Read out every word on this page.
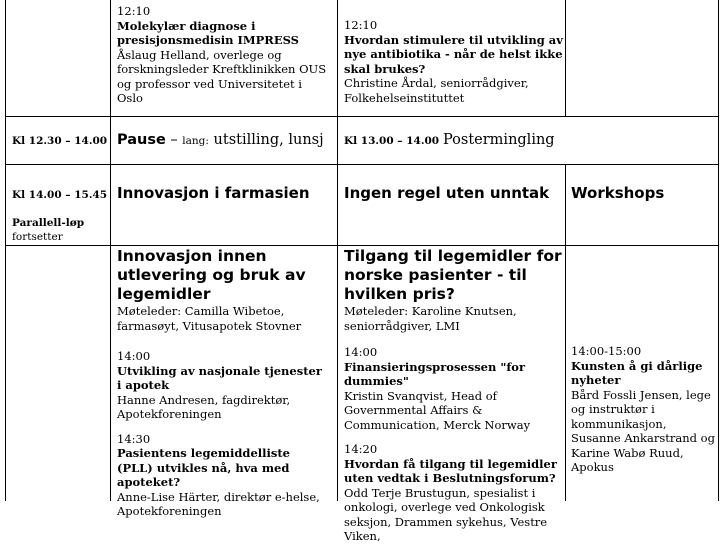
12:10
Molekylær diagnose i presisjonsmedisin IMPRESS
Åslaug Helland, overlege og forskningsleder Kreftklinikken OUS og professor ved Universitetet i Oslo
12:10
Hvordan stimulere til utvikling av nye antibiotika - når de helst ikke skal brukes?
Christine Årdal, seniorrådgiver, Folkehelseinstituttet
Kl 12.30 – 14.00 Pause – lang: utstilling, lunsj Kl 13.00 – 14.00 Postermingling
Kl 14.00 – 15.45
Parallell-løp
fortsetter
Innovasjon i farmasien Ingen regel uten unntak Workshops
Innovasjon innen utlevering og bruk av legemidler
Møteleder: Camilla Wibetoe, farmasøyt, Vitusapotek Stovner
14:00
Utvikling av nasjonale tjenester i apotek
Hanne Andresen, fagdirektør, Apotekforeningen
14:30
Pasientens legemiddelliste (PLL) utvikles nå, hva med apoteket?
Anne-Lise Härter, direktør e-helse, Apotekforeningen
Tilgang til legemidler for norske pasienter - til hvilken pris?
Møteleder: Karoline Knutsen, seniorrådgiver, LMI
14:00
Finansieringsprosessen "for dummies"
Kristin Svanqvist, Head of Governmental Affairs & Communication, Merck Norway
14:20
Hvordan få tilgang til legemidler uten vedtak i Beslutningsforum?
Odd Terje Brustugun, spesialist i onkologi, overlege ved Onkologisk seksjon, Drammen sykehus, Vestre Viken,
14:00-15:00
Kunsten å gi dårlige nyheter
Bård Fossli Jensen, lege og instruktør i kommunikasjon, Susanne Ankarstrand og Karine Wabø Ruud, Apokus
